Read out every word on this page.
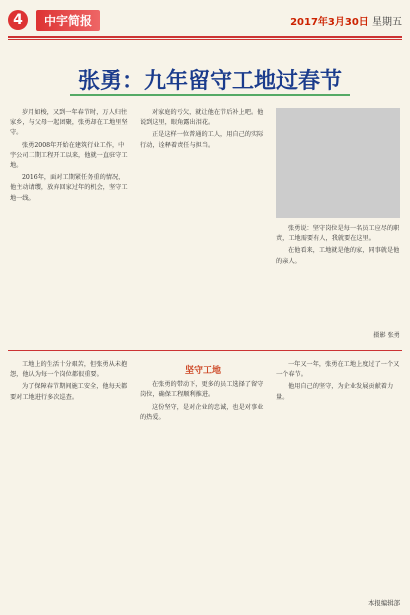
4	中宇简报	2017年3月30日 星期五
张勇：九年留守工地过春节

岁月如梭，又到一年春节时，万人归往家乡，与父母一起团聚，张勇却在工地里坚守。

张勇2008年开始在建筑行业工作，中宇公司二期工程开工以来，他就一直驻守工地。

2016年，面对工期紧任务重的情况，他主动请缨，放弃回家过年的机会，坚守工地一线。

对家庭的亏欠，就让他在节后补上吧。他说到这里，眼角露出泪花。

正是这样一位普通的工人，用自己的实际行动，诠释着责任与担当。

张勇说：坚守岗位是每一名员工应尽的职责，工地需要有人，我就要在这里。

在他看来，工地就是他的家，同事就是他的亲人。

摄影 张勇

工地上的生活十分艰苦，但张勇从未抱怨，他认为每一个岗位都很重要。

为了保障春节期间施工安全，他每天都要对工地进行多次巡查。

坚守工地

在张勇的带动下，更多的员工选择了留守岗位，确保工程顺利推进。

这份坚守，是对企业的忠诚，也是对事业的热爱。

一年又一年，张勇在工地上度过了一个又一个春节。

他用自己的坚守，为企业发展贡献着力量。

本报编辑部
